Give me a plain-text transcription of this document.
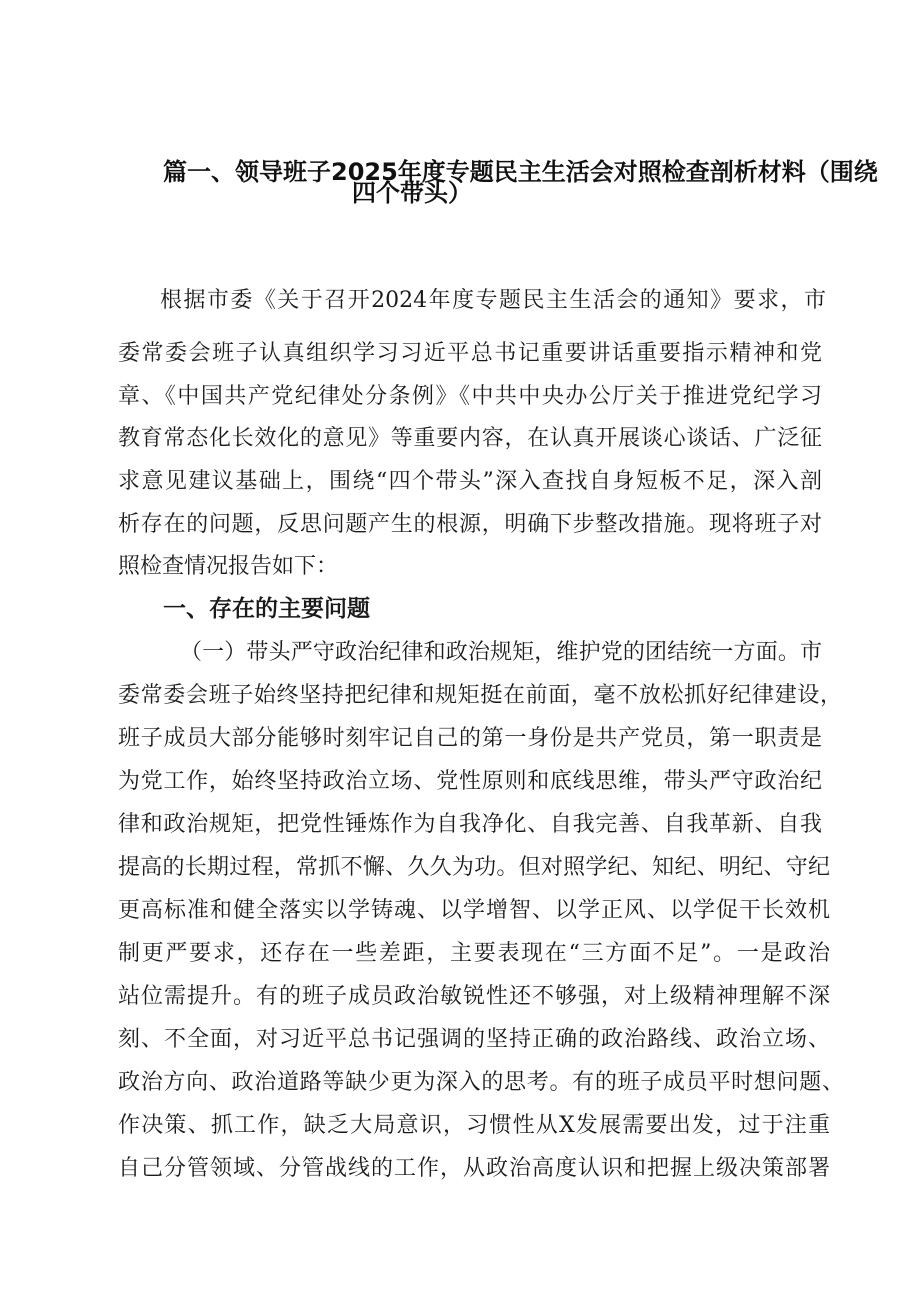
篇一、领导班子2025年度专题民主生活会对照检查剖析材料（围绕
四个带头）
根据市委《关于召开2024年度专题民主生活会的通知》要求，市
委常委会班子认真组织学习习近平总书记重要讲话重要指示精神和党
章、《中国共产党纪律处分条例》《中共中央办公厅关于推进党纪学习
教育常态化长效化的意见》等重要内容，在认真开展谈心谈话、广泛征
求意见建议基础上，围绕“四个带头”深入查找自身短板不足，深入剖
析存在的问题，反思问题产生的根源，明确下步整改措施。现将班子对
照检查情况报告如下：
一、存在的主要问题
（一）带头严守政治纪律和政治规矩，维护党的团结统一方面。市
委常委会班子始终坚持把纪律和规矩挺在前面，毫不放松抓好纪律建设，
班子成员大部分能够时刻牢记自己的第一身份是共产党员，第一职责是
为党工作，始终坚持政治立场、党性原则和底线思维，带头严守政治纪
律和政治规矩，把党性锤炼作为自我净化、自我完善、自我革新、自我
提高的长期过程，常抓不懈、久久为功。但对照学纪、知纪、明纪、守纪
更高标准和健全落实以学铸魂、以学增智、以学正风、以学促干长效机
制更严要求，还存在一些差距，主要表现在“三方面不足”。一是政治
站位需提升。有的班子成员政治敏锐性还不够强，对上级精神理解不深
刻、不全面，对习近平总书记强调的坚持正确的政治路线、政治立场、
政治方向、政治道路等缺少更为深入的思考。有的班子成员平时想问题、
作决策、抓工作，缺乏大局意识，习惯性从X发展需要出发，过于注重
自己分管领域、分管战线的工作，从政治高度认识和把握上级决策部署
